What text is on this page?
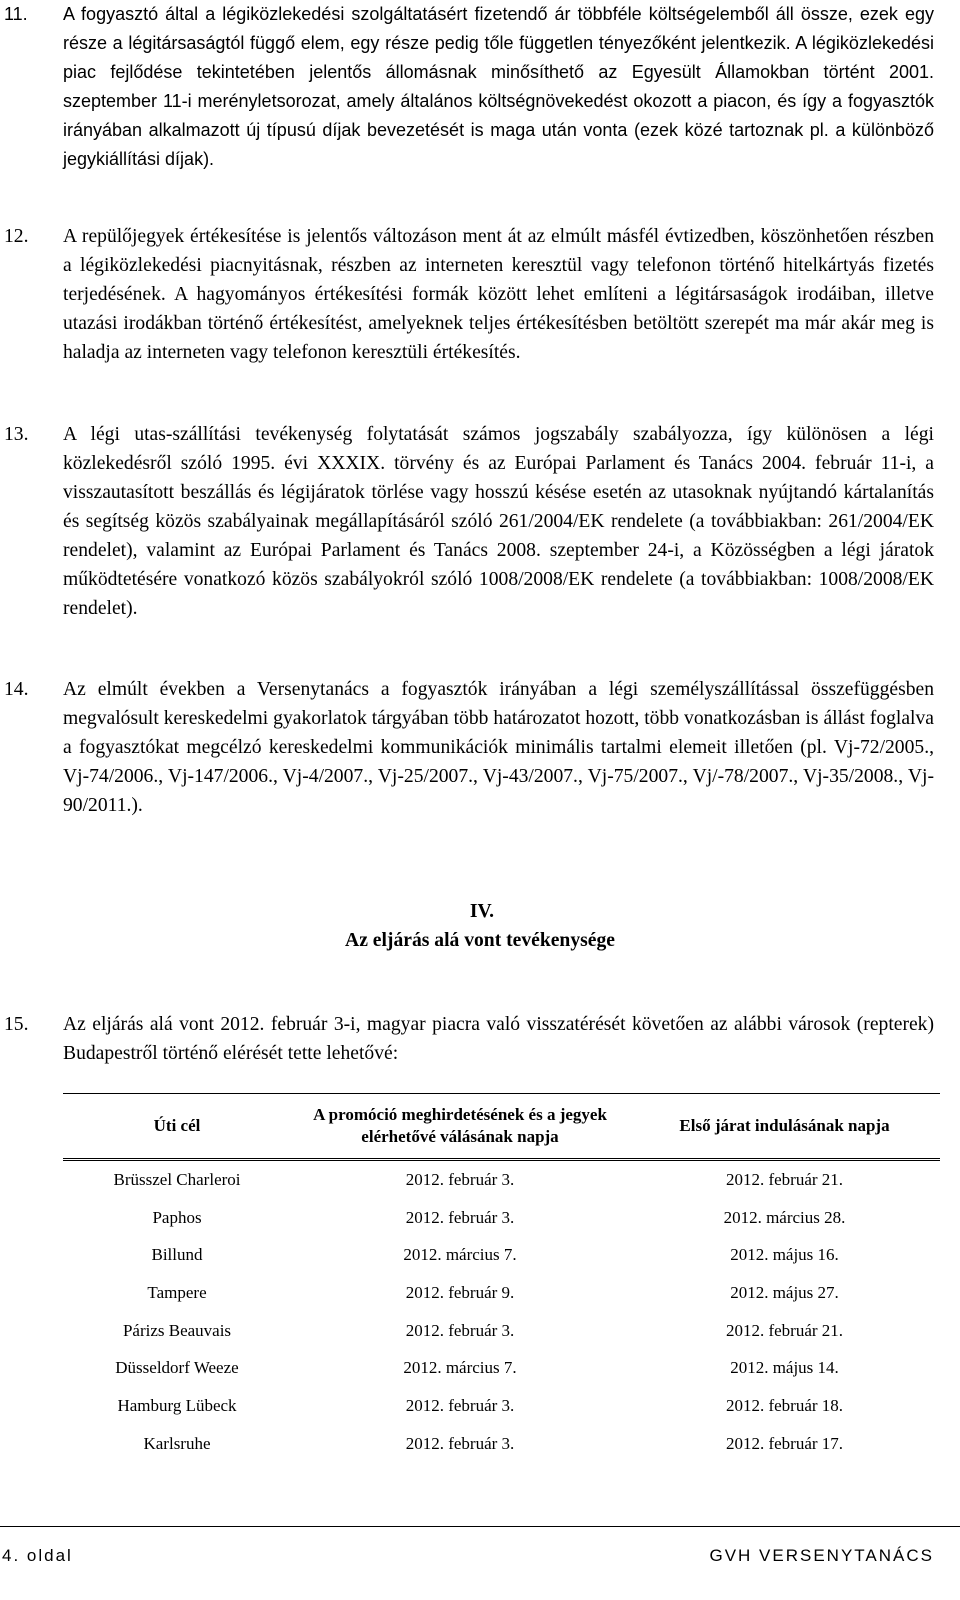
11.	A fogyasztó által a légiközlekedési szolgáltatásért fizetendő ár többféle költségelemből áll össze, ezek egy része a légitársaságtól függő elem, egy része pedig tőle független tényezőként jelentkezik. A légiközlekedési piac fejlődése tekintetében jelentős állomásnak minősíthető az Egyesült Államokban történt 2001. szeptember 11-i merényletsorozat, amely általános költségnövekedést okozott a piacon, és így a fogyasztók irányában alkalmazott új típusú díjak bevezetését is maga után vonta (ezek közé tartoznak pl. a különböző jegykiállítási díjak).
12.	A repülőjegyek értékesítése is jelentős változáson ment át az elmúlt másfél évtizedben, köszönhetően részben a légiközlekedési piacnyitásnak, részben az interneten keresztül vagy telefonon történő hitelkártyás fizetés terjedésének. A hagyományos értékesítési formák között lehet említeni a légitársaságok irodáiban, illetve utazási irodákban történő értékesítést, amelyeknek teljes értékesítésben betöltött szerepét ma már akár meg is haladja az interneten vagy telefonon keresztüli értékesítés.
13.	A légi utas-szállítási tevékenység folytatását számos jogszabály szabályozza, így különösen a légi közlekedésről szóló 1995. évi XXXIX. törvény és az Európai Parlament és Tanács 2004. február 11-i, a visszautasított beszállás és légijáratok törlése vagy hosszú késése esetén az utasoknak nyújtandó kártalanítás és segítség közös szabályainak megállapításáról szóló 261/2004/EK rendelete (a továbbiakban: 261/2004/EK rendelet), valamint az Európai Parlament és Tanács 2008. szeptember 24-i, a Közösségben a légi járatok működtetésére vonatkozó közös szabályokról szóló 1008/2008/EK rendelete (a továbbiakban: 1008/2008/EK rendelet).
14.	Az elmúlt években a Versenytanács a fogyasztók irányában a légi személyszállítással összefüggésben megvalósult kereskedelmi gyakorlatok tárgyában több határozatot hozott, több vonatkozásban is állást foglalva a fogyasztókat megcélzó kereskedelmi kommunikációk minimális tartalmi elemeit illetően (pl. Vj-72/2005., Vj-74/2006., Vj-147/2006., Vj-4/2007., Vj-25/2007., Vj-43/2007., Vj-75/2007., Vj/-78/2007., Vj-35/2008., Vj-90/2011.).
IV.
Az eljárás alá vont tevékenysége
15.	Az eljárás alá vont 2012. február 3-i, magyar piacra való visszatérését követően az alábbi városok (repterek) Budapestről történő elérését tette lehetővé:
Úti cél	A promóció meghirdetésének és a jegyek elérhetővé válásának napja	Első járat indulásának napja
Brüsszel Charleroi	2012. február 3.	2012. február 21.
Paphos	2012. február 3.	2012. március 28.
Billund	2012. március 7.	2012. május 16.
Tampere	2012. február 9.	2012. május 27.
Párizs Beauvais	2012. február 3.	2012. február 21.
Düsseldorf Weeze	2012. március 7.	2012. május 14.
Hamburg Lübeck	2012. február 3.	2012. február 18.
Karlsruhe	2012. február 3.	2012. február 17.
4. oldal	GVH VERSENYTANÁCS
